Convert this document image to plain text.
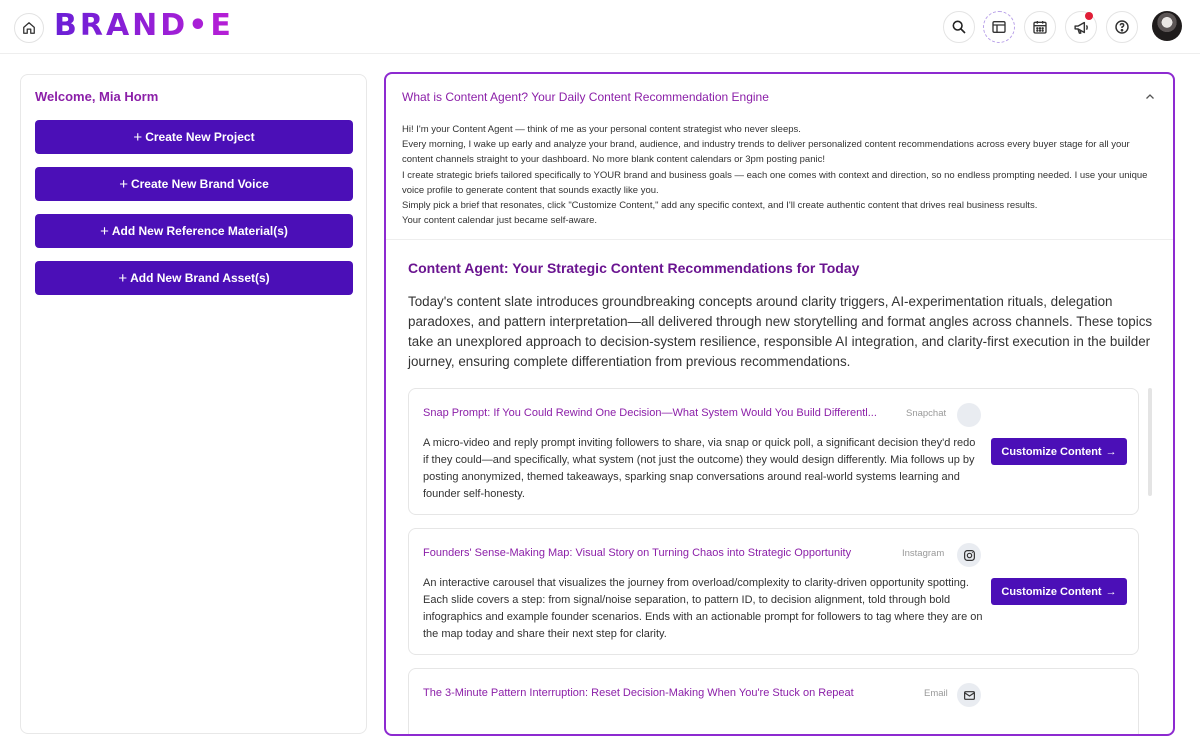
BRAND•E
Welcome, Mia Horm
+ Create New Project
+ Create New Brand Voice
+ Add New Reference Material(s)
+ Add New Brand Asset(s)
What is Content Agent? Your Daily Content Recommendation Engine
Hi! I'm your Content Agent — think of me as your personal content strategist who never sleeps.
Every morning, I wake up early and analyze your brand, audience, and industry trends to deliver personalized content recommendations across every buyer stage for all your content channels straight to your dashboard. No more blank content calendars or 3pm posting panic!
I create strategic briefs tailored specifically to YOUR brand and business goals — each one comes with context and direction, so no endless prompting needed. I use your unique voice profile to generate content that sounds exactly like you.
Simply pick a brief that resonates, click "Customize Content," add any specific context, and I'll create authentic content that drives real business results.
Your content calendar just became self-aware.
Content Agent: Your Strategic Content Recommendations for Today
Today's content slate introduces groundbreaking concepts around clarity triggers, AI-experimentation rituals, delegation paradoxes, and pattern interpretation—all delivered through new storytelling and format angles across channels. These topics take an unexplored approach to decision-system resilience, responsible AI integration, and clarity-first execution in the builder journey, ensuring complete differentiation from previous recommendations.
Snap Prompt: If You Could Rewind One Decision—What System Would You Build Differentl...	Snapchat
A micro-video and reply prompt inviting followers to share, via snap or quick poll, a significant decision they'd redo if they could—and specifically, what system (not just the outcome) they would design differently. Mia follows up by posting anonymized, themed takeaways, sparking snap conversations around real-world systems learning and founder self-honesty.
Customize Content →
Founders' Sense-Making Map: Visual Story on Turning Chaos into Strategic Opportunity	Instagram
An interactive carousel that visualizes the journey from overload/complexity to clarity-driven opportunity spotting. Each slide covers a step: from signal/noise separation, to pattern ID, to decision alignment, told through bold infographics and example founder scenarios. Ends with an actionable prompt for followers to tag where they are on the map today and share their next step for clarity.
Customize Content →
The 3-Minute Pattern Interruption: Reset Decision-Making When You're Stuck on Repeat	Email
